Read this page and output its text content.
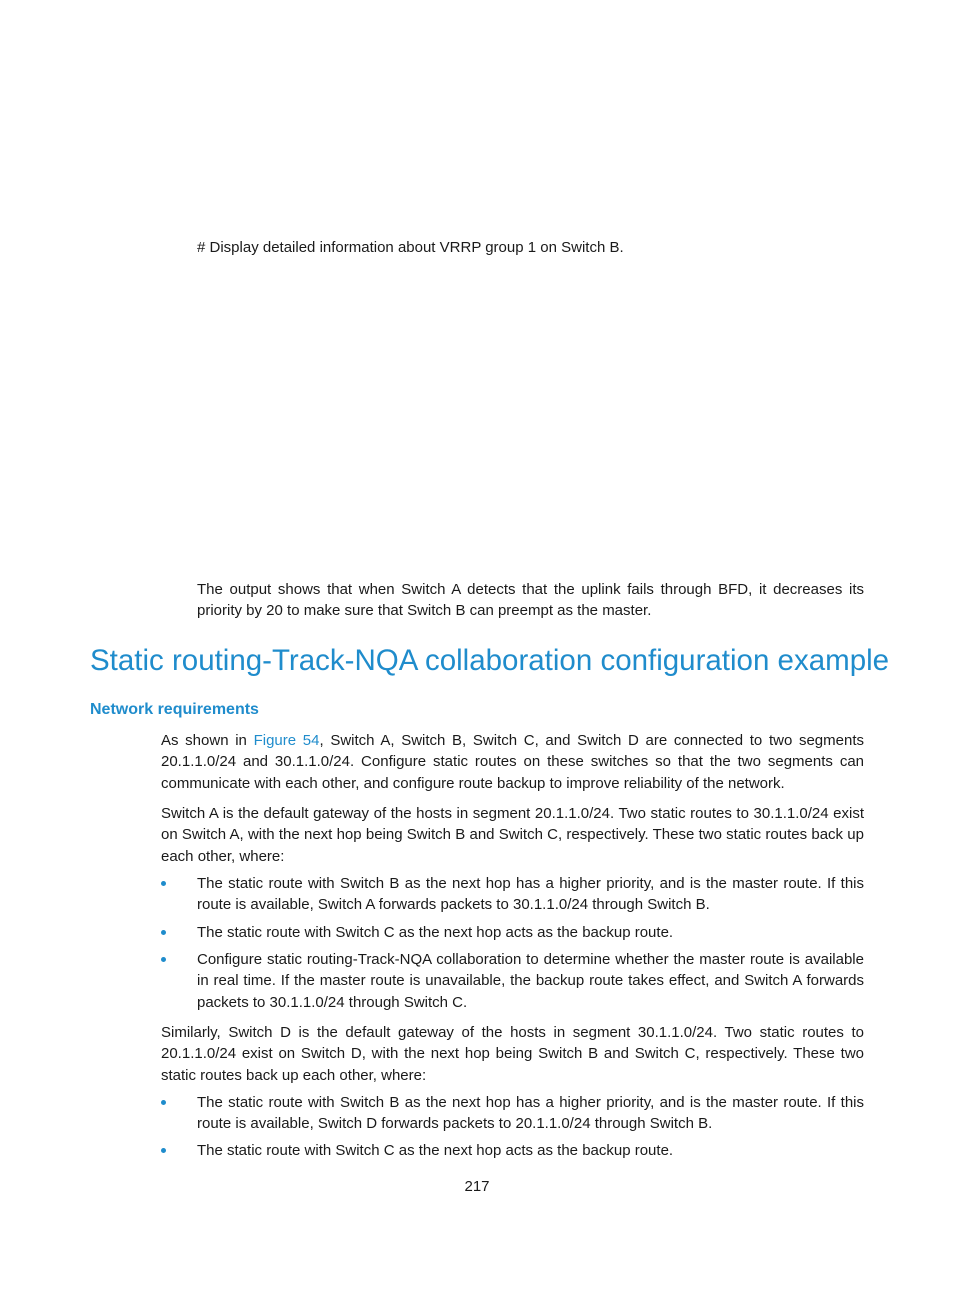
# Display detailed information about VRRP group 1 on Switch B.

The output shows that when Switch A detects that the uplink fails through BFD, it decreases its priority by 20 to make sure that Switch B can preempt as the master.

Static routing-Track-NQA collaboration configuration example
Network requirements

As shown in Figure 54, Switch A, Switch B, Switch C, and Switch D are connected to two segments 20.1.1.0/24 and 30.1.1.0/24. Configure static routes on these switches so that the two segments can communicate with each other, and configure route backup to improve reliability of the network.

Switch A is the default gateway of the hosts in segment 20.1.1.0/24. Two static routes to 30.1.1.0/24 exist on Switch A, with the next hop being Switch B and Switch C, respectively. These two static routes back up each other, where:

The static route with Switch B as the next hop has a higher priority, and is the master route. If this route is available, Switch A forwards packets to 30.1.1.0/24 through Switch B.

The static route with Switch C as the next hop acts as the backup route.

Configure static routing-Track-NQA collaboration to determine whether the master route is available in real time. If the master route is unavailable, the backup route takes effect, and Switch A forwards packets to 30.1.1.0/24 through Switch C.

Similarly, Switch D is the default gateway of the hosts in segment 30.1.1.0/24. Two static routes to 20.1.1.0/24 exist on Switch D, with the next hop being Switch B and Switch C, respectively. These two static routes back up each other, where:

The static route with Switch B as the next hop has a higher priority, and is the master route. If this route is available, Switch D forwards packets to 20.1.1.0/24 through Switch B.

The static route with Switch C as the next hop acts as the backup route.

217
